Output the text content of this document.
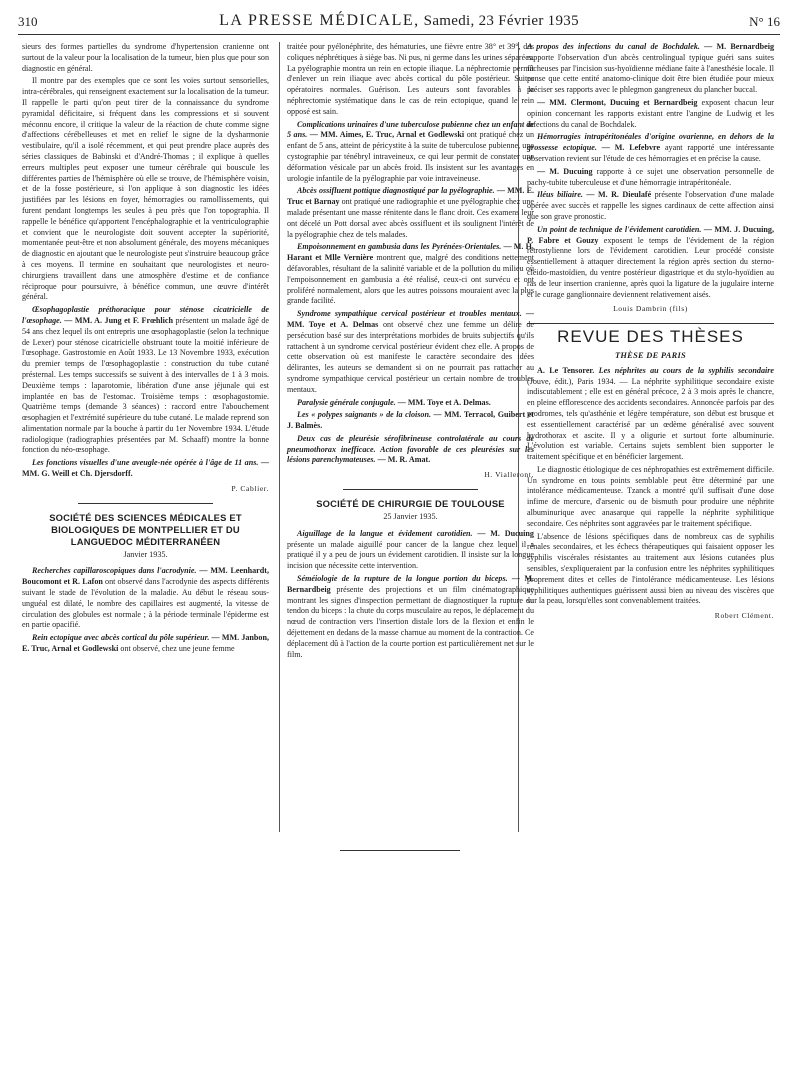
310	LA PRESSE MÉDICALE, Samedi, 23 Février 1935	N° 16

sieurs des formes partielles du syndrome d'hypertension cranienne ont surtout de la valeur pour la localisation de la tumeur, bien plus que pour son diagnostic en général.

Il montre par des exemples que ce sont les voies surtout sensorielles, intra-cérébrales, qui renseignent exactement sur la localisation de la tumeur. Il rappelle le parti qu'on peut tirer de la connaissance du syndrome pyramidal déficitaire, si fréquent dans les compressions et si souvent méconnu encore, il critique la valeur de la réaction de chute comme signe d'affections cérébelleuses et met en relief le signe de la dysharmonie vestibulaire, qu'il a isolé récemment, et qui peut prendre place auprès des séries classiques de Babinski et d'André-Thomas ; il explique à quelles erreurs multiples peut exposer une tumeur cérébrale qui bouscule les différentes parties de l'hémisphère où elle se trouve, de l'hémisphère voisin, et de la fosse postérieure, si l'on applique à son diagnostic les idées justifiées par les lésions en foyer, hémorragies ou ramollissements, qui furent pendant longtemps les seules à peu près que l'on topographia. Il rappelle le bénéfice qu'apportent l'encéphalographie et la ventriculographie et convient que le neurologiste doit souvent accepter la supériorité, momentanée peut-être et non absolument générale, des moyens mécaniques de diagnostic en ajoutant que le neurologiste peut s'instruire beaucoup grâce à ces moyens. Il termine en souhaitant que neurologistes et neuro-chirurgiens travaillent dans une atmosphère d'estime et de confiance réciproque pour poursuivre, à bénéfice commun, une œuvre d'intérêt général.

Œsophagoplastie préthoracique pour sténose cicatricielle de l'œsophage. — MM. A. Jung et F. Frœhlich présentent un malade âgé de 54 ans chez lequel ils ont entrepris une œsophagoplastie (selon la technique de Lexer) pour sténose cicatricielle obstruant toute la moitié inférieure de l'œsophage. Gastrostomie en Août 1933. Le 13 Novembre 1933, exécution du premier temps de l'œsophagoplastie : construction du tube cutané présternal. Les temps successifs se suivent à des intervalles de 1 à 3 mois. Deuxième temps : laparotomie, libération d'une anse jéjunale qui est implantée en bas de l'estomac. Troisième temps : œsophagostomie. Quatrième temps (demande 3 séances) : raccord entre l'abouchement œsophagien et l'extrémité supérieure du tube cutané. Le malade reprend son alimentation normale par la bouche à partir du 1er Novembre 1934. L'étude radiologique (radiographies présentées par M. Schaaff) montre la bonne fonction du néo-œsophage.

Les fonctions visuelles d'une aveugle-née opérée à l'âge de 11 ans. — MM. G. Weill et Ch. Djersdorff.

P. Cablier.
SOCIÉTÉ DES SCIENCES MÉDICALES ET BIOLOGIQUES DE MONTPELLIER ET DU LANGUEDOC MÉDITERRANÉEN
Janvier 1935.

Recherches capillaroscopiques dans l'acrodynie. — MM. Leenhardt, Boucomont et R. Lafon ont observé dans l'acrodynie des aspects différents suivant le stade de l'évolution de la maladie. Au début le réseau sous-unguéal est dilaté, le nombre des capillaires est augmenté, la vitesse de circulation des globules est normale ; à la période terminale l'épiderme est en partie opacifié.

Rein ectopique avec abcès cortical du pôle supérieur. — MM. Janbon, E. Truc, Arnal et Godlewski ont observé, chez une jeune femme

traitée pour pyélonéphrite, des hématuries, une fièvre entre 38° et 39°, des coliques néphrétiques à siège bas. Ni pus, ni germe dans les urines séparées. La pyélographie montra un rein en ectopie iliaque. La néphrectomie permit d'enlever un rein iliaque avec abcès cortical du pôle postérieur. Suites opératoires normales. Guérison. Les auteurs sont favorables à la néphrectomie systématique dans le cas de rein ectopique, quand le rein opposé est sain.

Complications urinaires d'une tuberculose pubienne chez un enfant de 5 ans. — MM. Aimes, E. Truc, Arnal et Godlewski ont pratiqué chez un enfant de 5 ans, atteint de péricystite à la suite de tuberculose pubienne, une cystographie par ténébryl intraveineux, ce qui leur permit de constater une déformation vésicale par un abcès froid. Ils insistent sur les avantages en urologie infantile de la pyélographie par voie intraveineuse.

Abcès ossifluent pottique diagnostiqué par la pyélographie. — MM. E. Truc et Barnay ont pratiqué une radiographie et une pyélographie chez une malade présentant une masse rénitente dans le flanc droit. Ces examens leur ont décelé un Pott dorsal avec abcès ossifluent et ils soulignent l'intérêt de la pyélographie chez de tels malades.

Empoisonnement en gambusia dans les Pyrénées-Orientales. — M. H. Harant et Mlle Vernière montrent que, malgré des conditions nettement défavorables, résultant de la salinité variable et de la pollution du milieu où l'empoisonnement en gambusia a été réalisé, ceux-ci ont survécu et ont proliféré normalement, alors que les autres poissons mouraient avec la plus grande facilité.

Syndrome sympathique cervical postérieur et troubles mentaux. — MM. Toye et A. Delmas ont observé chez une femme un délire de persécution basé sur des interprétations morbides de bruits subjectifs qu'ils rattachent à un syndrome cervical postérieur évident chez elle. A propos de cette observation où est manifeste le caractère secondaire des idées délirantes, les auteurs se demandent si on ne pourrait pas rattacher au syndrome sympathique cervical postérieur un certain nombre de troubles mentaux.

Paralysie générale conjugale. — MM. Toye et A. Delmas.

Les « polypes saignants » de la cloison. — MM. Terracol, Guibert et J. Balmès.

Deux cas de pleurésie sérofibrineuse controlatérale au cours de pneumothorax inefficace. Action favorable de ces pleurésies sur les lésions parenchymateuses. — M. R. Amat.

H. Vialleront.
SOCIÉTÉ DE CHIRURGIE DE TOULOUSE
25 Janvier 1935.

Aiguillage de la langue et évidement carotidien. — M. Ducuing présente un malade aiguillé pour cancer de la langue chez lequel il a pratiqué il y a peu de jours un évidement carotidien. Il insiste sur la longue incision que nécessite cette intervention.

Séméiologie de la rupture de la longue portion du biceps. — M. Bernardbeig présente des projections et un film cinématographique montrant les signes d'inspection permettant de diagnostiquer la rupture du tendon du biceps : la chute du corps musculaire au repos, le déplacement du nœud de contraction vers l'insertion distale lors de la flexion et enfin le déjettement en dedans de la masse charnue au moment de la contraction. Ce déplacement dû à l'action de la courte portion est particulièrement net sur le film.

A propos des infections du canal de Bochdalek. — M. Bernardbeig rapporte l'observation d'un abcès centrolingual typique guéri sans suites fâcheuses par l'incision sus-hyoïdienne médiane faite à l'anesthésie locale. Il pense que cette entité anatomo-clinique doit être bien étudiée pour mieux préciser ses rapports avec le phlegmon gangreneux du plancher buccal.

— MM. Clermont, Ducuing et Bernardbeig exposent chacun leur opinion concernant les rapports existant entre l'angine de Ludwig et les infections du canal de Bochdalek.

Hémorragies intrapéritonéales d'origine ovarienne, en dehors de la grossesse ectopique. — M. Lefebvre ayant rapporté une intéressante observation revient sur l'étude de ces hémorragies et en précise la cause.

— M. Ducuing rapporte à ce sujet une observation personnelle de pachy-tubite tuberculeuse et d'une hémorragie intrapéritonéale.

Iléus biliaire. — M. R. Dieulafé présente l'observation d'une malade opérée avec succès et rappelle les signes cardinaux de cette affection ainsi que son grave pronostic.

Un point de technique de l'évidement carotidien. — MM. J. Ducuing, P. Fabre et Gouzy exposent le temps de l'évidement de la région rétrostylienne lors de l'évidement carotidien. Leur procédé consiste essentiellement à attaquer directement la région après section du sterno-cléido-mastoïdien, du ventre postérieur digastrique et du stylo-hyoïdien au ras de leur insertion cranienne, après quoi la ligature de la jugulaire interne et le curage ganglionnaire deviennent relativement aisés.

Louis Dambrin (fils)
REVUE DES THÈSES
THÈSE DE PARIS

A. Le Tensorer. Les néphrites au cours de la syphilis secondaire (Jouve, édit.), Paris 1934. — La néphrite syphilitique secondaire existe indiscutablement ; elle est en général précoce, 2 à 3 mois après le chancre, en pleine efflorescence des accidents secondaires. Annoncée parfois par des prodromes, tels qu'asthénie et légère température, son début est brusque et est essentiellement caractérisé par un œdème généralisé avec souvent hydrothorax et ascite. Il y a oligurie et surtout forte albuminurie. L'évolution est variable. Certains sujets semblent bien supporter le traitement spécifique et en bénéficier largement.

Le diagnostic étiologique de ces néphropathies est extrêmement difficile. Un syndrome en tous points semblable peut être déterminé par une intolérance médicamenteuse. Tzanck a montré qu'il suffisait d'une dose infime de mercure, d'arsenic ou de bismuth pour produire une néphrite albuminurique avec anasarque qui rappelle la néphrite syphilitique secondaire. Ces néphrites sont aggravées par le traitement spécifique.

L'absence de lésions spécifiques dans de nombreux cas de syphilis rénales secondaires, et les échecs thérapeutiques qui faisaient opposer les syphilis viscérales résistantes au traitement aux lésions cutanées plus sensibles, s'expliqueraient par la confusion entre les néphrites syphilitiques proprement dites et celles de l'intolérance médicamenteuse. Les lésions syphilitiques authentiques guérissent aussi bien au niveau des viscères que sur la peau, lorsqu'elles sont convenablement traitées.

Robert Clément.
